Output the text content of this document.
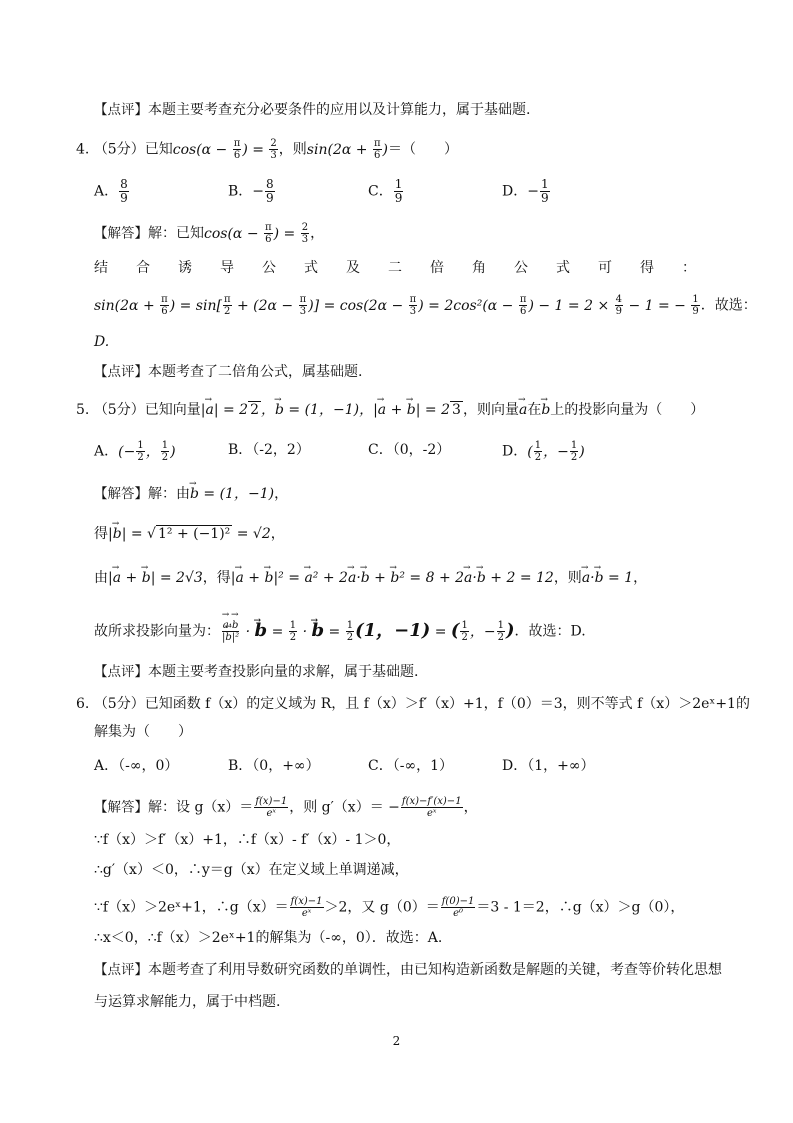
【点评】本题主要考查充分必要条件的应用以及计算能力，属于基础题.
4. （5分）已知$\cos(\alpha - \frac{\pi}{6}$ ) = $\frac{2}{3}$ ，则$\sin(2\alpha + \frac{\pi}{6}$ )＝（　　）
A． $\frac{8}{9}$	B．− $\frac{8}{9}$	C． $\frac{1}{9}$	D．− $\frac{1}{9}$
【解答】解：已知$\cos(\alpha - \frac{\pi}{6}$ ) = $\frac{2}{3}$ ，
结　　合　　诱　　导　　公　　式　　及　　二　　倍　　角　　公　　式　　可　　得　　：
$\sin(2\alpha + \frac{\pi}{6}$ ) = $\sin[ \frac{\pi}{2} + (2\alpha - \frac{\pi}{3}$ )] = $\cos(2\alpha - \frac{\pi}{3}$ ) = $2\cos^2(\alpha - \frac{\pi}{6}$ ) − $1 = 2 \times \frac{4}{9} - 1$ = − $\frac{1}{9}$ ．故选：
D.
【点评】本题考查了二倍角公式，属基础题.
5. （5分）已知向量|→ a| = 2 2 ，→ b = (1，−1)，|→ a + → b| = 2 3 ，则向量→ a在→ b上的投影向量为（　　）
A．(− $\frac{1}{2}$ ， $\frac{1}{2}$ )	B．（-2，2）	C．（0，-2）	D．( $\frac{1}{2}$ ，− $\frac{1}{2}$ )
【解答】解：由→ b = (1，−1)，
得|→ b| = √ 1² + (−1)² = √2，
由|→ a + → b| = 2√3，得|→ a + → b|² = → a² + 2→ a·→ b + → b² = 8 + 2→ a·→ b + 2 = 12，则→ a·→ b = 1，
故所求投影向量为：
→ $\frac{a\cdot\to b}{\text{|→ b|²}}$ · → $b = \frac{1}{2}$ · → $b = \frac{1}{2} (1$，−1) = ( $\frac{1}{2}$ ，− $\frac{1}{2}$ )．故选：D.
【点评】本题主要考查投影向量的求解，属于基础题.
6. （5分）已知函数 f（x）的定义域为 R，且 f（x）＞f′（x）+1，f（0）＝3，则不等式 f（x）＞2eˣ+1的
解集为（　　）
A．（-∞，0）	B．（0，+∞）	C．（-∞，1）	D．（1，+∞）
【解答】解：设 $g(x)= \frac{f(x)-1}{\text{eˣ}}$ ，则 $g'(x)= - \frac{f(x)-f'(x)-1}{\text{eˣ}}$ ，
∵f（x）＞f′（x）+1，∴f（x）- f′（x）- 1＞0，
∴g′（x）＜0，∴y＝g（x）在定义域上单调递减，
∵f（x）＞2eˣ+1，∴g（x）＝ $\frac{f(x)-1}{\text{eˣ}} >2$，又 $g(0)= \frac{f(0)-1}{\text{e⁰}} =3 - 1=2$，∴g（x）＞g（0），
∴x＜0，∴f（x）＞2eˣ+1的解集为（-∞，0）．故选：A.
【点评】本题考查了利用导数研究函数的单调性，由已知构造新函数是解题的关键，考查等价转化思想
与运算求解能力，属于中档题.
2
